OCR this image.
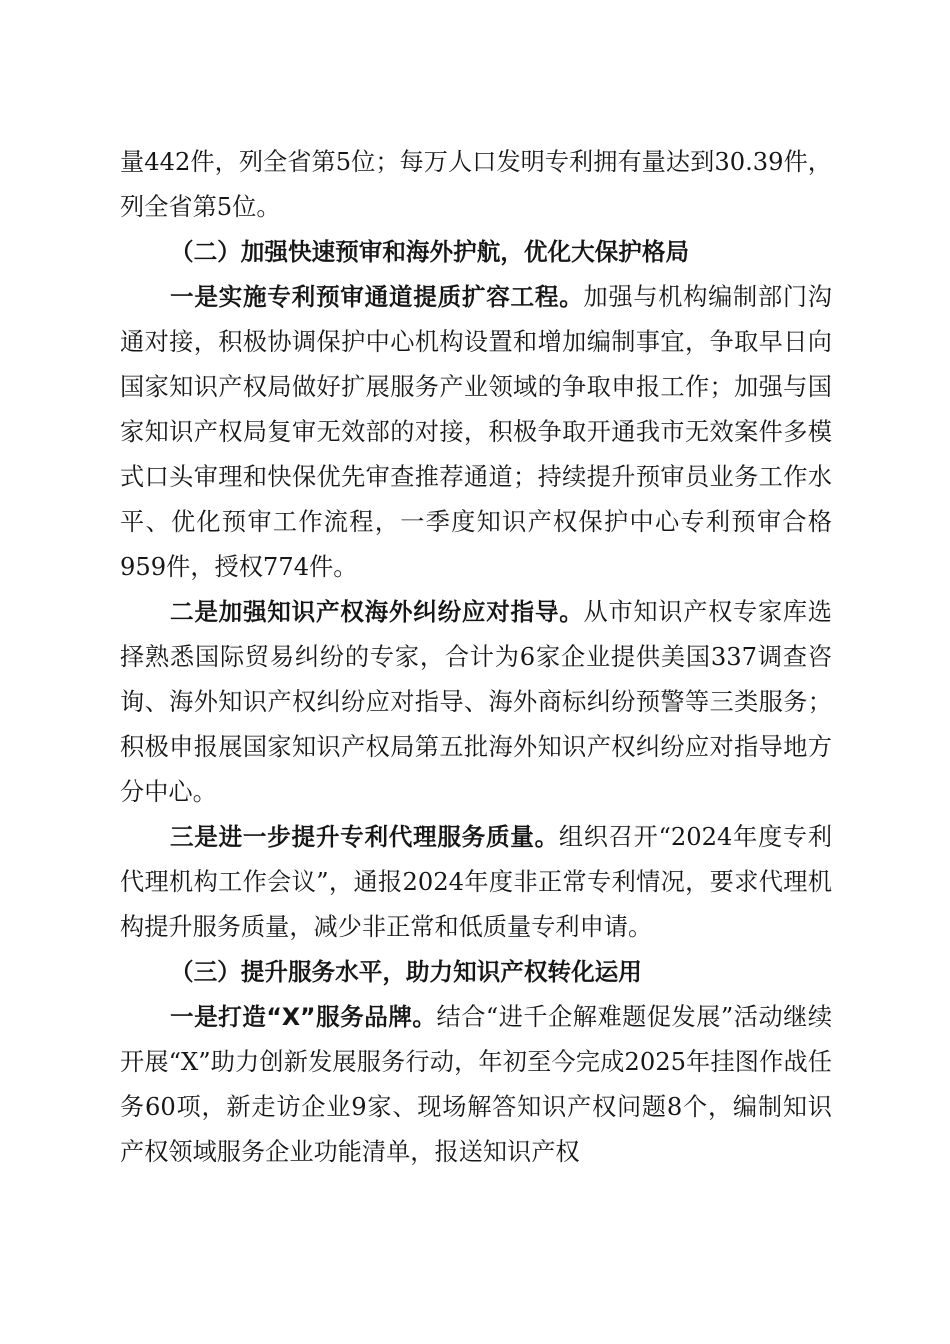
量442件，列全省第5位；每万人口发明专利拥有量达到30.39件，列全省第5位。

（二）加强快速预审和海外护航，优化大保护格局

一是实施专利预审通道提质扩容工程。加强与机构编制部门沟通对接，积极协调保护中心机构设置和增加编制事宜，争取早日向国家知识产权局做好扩展服务产业领域的争取申报工作；加强与国家知识产权局复审无效部的对接，积极争取开通我市无效案件多模式口头审理和快保优先审查推荐通道；持续提升预审员业务工作水平、优化预审工作流程，一季度知识产权保护中心专利预审合格959件，授权774件。

二是加强知识产权海外纠纷应对指导。从市知识产权专家库选择熟悉国际贸易纠纷的专家，合计为6家企业提供美国337调查咨询、海外知识产权纠纷应对指导、海外商标纠纷预警等三类服务；积极申报展国家知识产权局第五批海外知识产权纠纷应对指导地方分中心。

三是进一步提升专利代理服务质量。组织召开“2024年度专利代理机构工作会议”，通报2024年度非正常专利情况，要求代理机构提升服务质量，减少非正常和低质量专利申请。

（三）提升服务水平，助力知识产权转化运用

一是打造“X”服务品牌。结合“进千企解难题促发展”活动继续开展“X”助力创新发展服务行动，年初至今完成2025年挂图作战任务60项，新走访企业9家、现场解答知识产权问题8个，编制知识产权领域服务企业功能清单，报送知识产权
